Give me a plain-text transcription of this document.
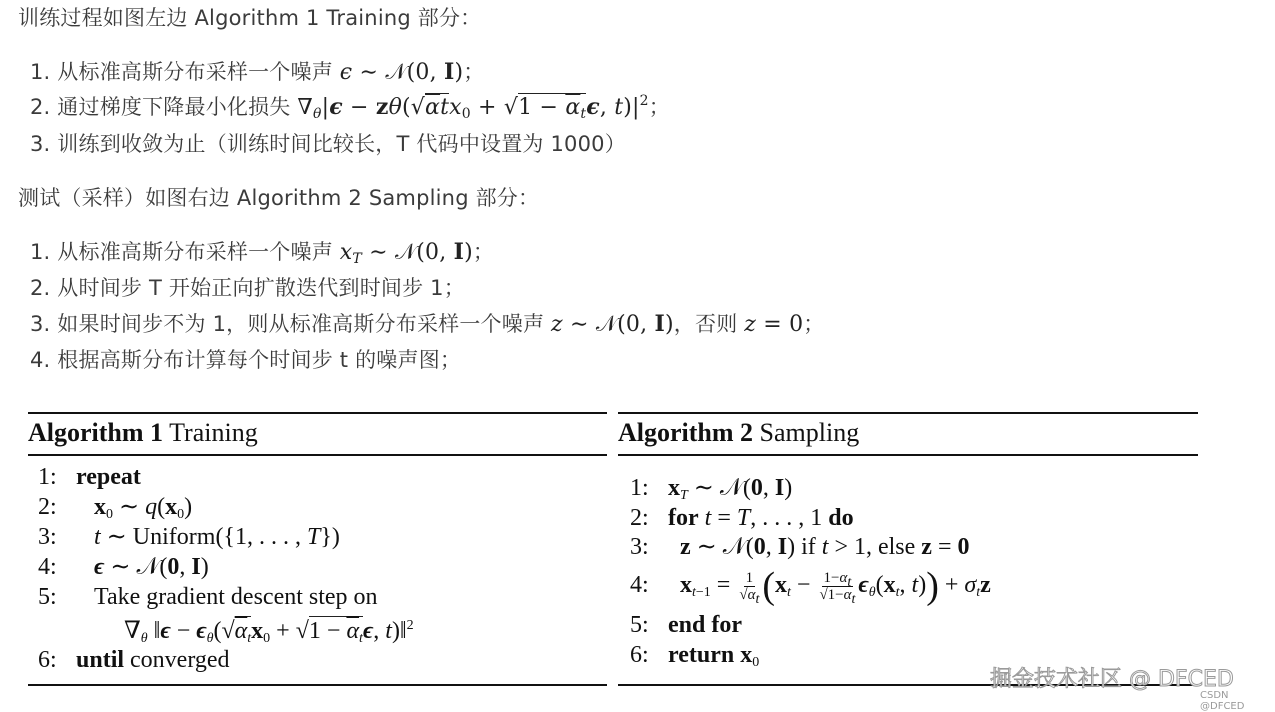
训练过程如图左边 Algorithm 1 Training 部分：
1. 从标准高斯分布采样一个噪声 ϵ ∼ 𝒩(0, I)；
2. 通过梯度下降最小化损失 $\nabla_\theta|\epsilon - z\theta(√\alpha tx_0 + √1 - \overline{\alpha}_t\epsilon$, $t)|^2$；
3. 训练到收敛为止（训练时间比较长，T 代码中设置为 1000）
测试（采样）如图右边 Algorithm 2 Sampling 部分：
1. 从标准高斯分布采样一个噪声 $x_T$ ∼ 𝒩(0, I)；
2. 从时间步 T 开始正向扩散迭代到时间步 1；
3. 如果时间步不为 1，则从标准高斯分布采样一个噪声 z ∼ 𝒩(0, I)，否则 z = 0；
4. 根据高斯分布计算每个时间步 t 的噪声图；
Algorithm 1 Training
1: repeat
2: $x_0$ ∼ $q(x_0)$
3: t ∼ Uniform({1, . . . , T})
4: ϵ ∼ 𝒩(0, I)
5: Take gradient descent step on
$\nabla_\theta$ ‖ϵ − $\epsilon_\theta(√\alpha_tx_0 + √1 - \overline{\alpha}_t\epsilon$, t)‖$^2$
6: until converged
Algorithm 2 Sampling
1: $x_T$ ∼ 𝒩(0, I)
2: for t = T, . . . , 1 do
3: z ∼ 𝒩(0, I) if t > 1, else z = 0
4: $x_{t-1} = \frac{1}{√\alpha_t} (x_t - \frac{1-\alpha_t}{√1-\overline{\alpha}_t} \epsilon_\theta(x_t$, $t)) + \sigma_tz$
5: end for
6: return $x_0$
掘金技术社区 @ DFCED
CSDN @DFCED
